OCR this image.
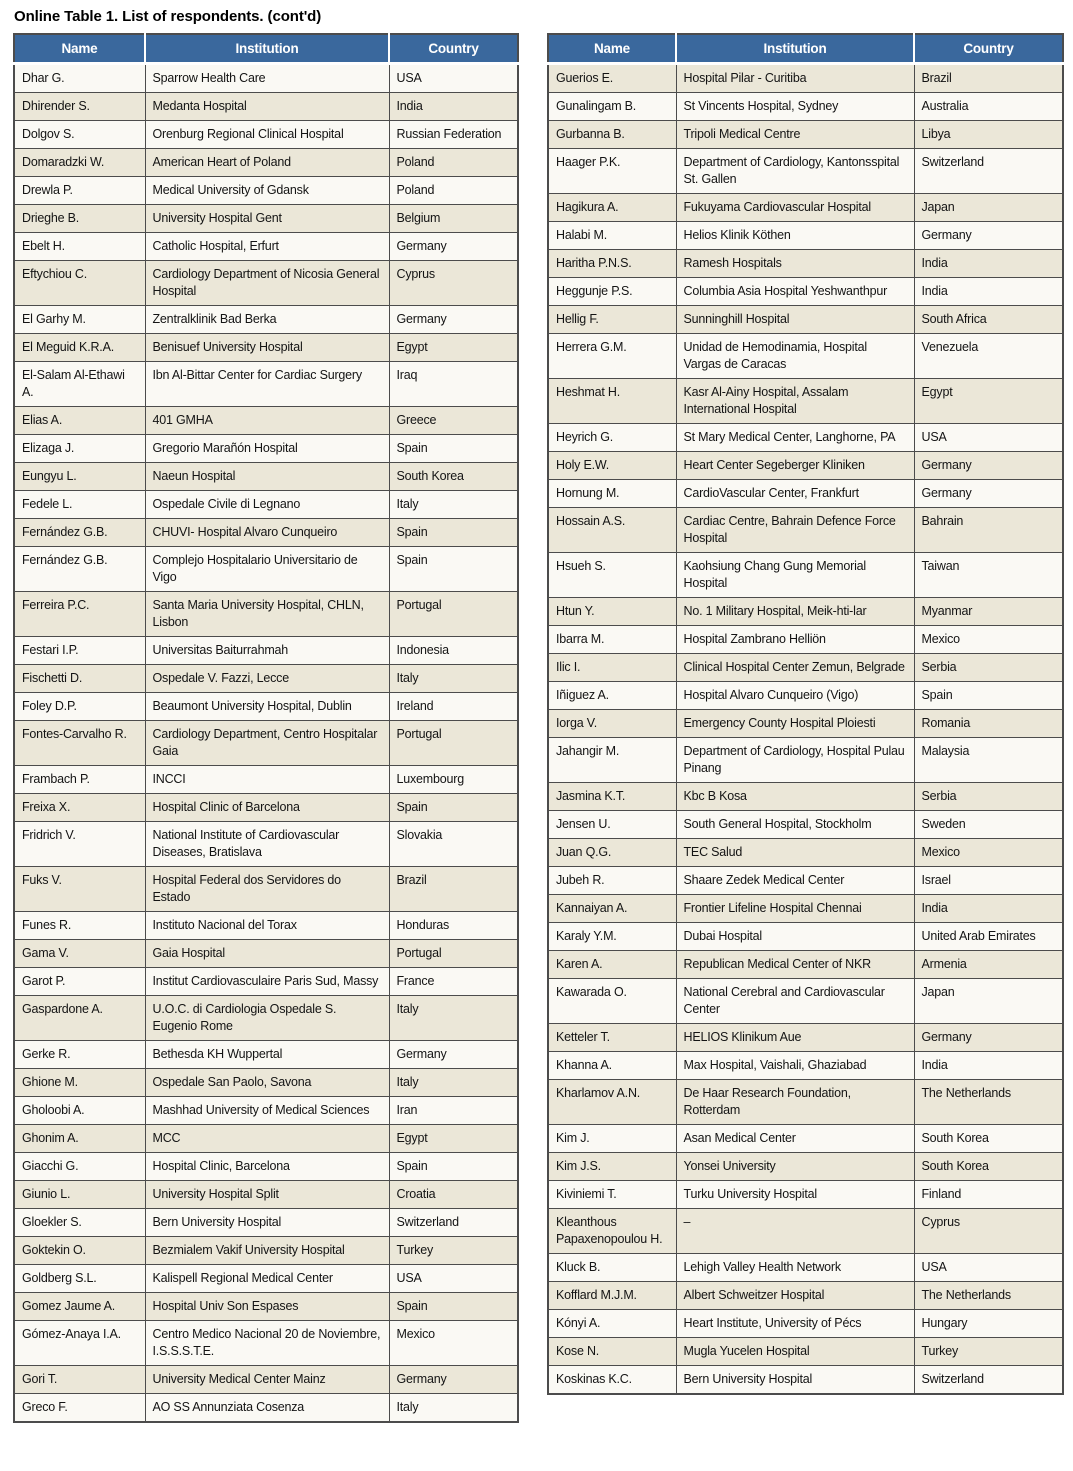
Online Table 1. List of respondents. (cont'd)
Name	Institution	Country
Dhar G.	Sparrow Health Care	USA
Dhirender S.	Medanta Hospital	India
Dolgov S.	Orenburg Regional Clinical Hospital	Russian Federation
Domaradzki W.	American Heart of Poland	Poland
Drewla P.	Medical University of Gdansk	Poland
Drieghe B.	University Hospital Gent	Belgium
Ebelt H.	Catholic Hospital, Erfurt	Germany
Eftychiou C.	Cardiology Department of Nicosia General Hospital	Cyprus
El Garhy M.	Zentralklinik Bad Berka	Germany
El Meguid K.R.A.	Benisuef University Hospital	Egypt
El-Salam Al-Ethawi A.	Ibn Al-Bittar Center for Cardiac Surgery	Iraq
Elias A.	401 GMHA	Greece
Elizaga J.	Gregorio Marañón Hospital	Spain
Eungyu L.	Naeun Hospital	South Korea
Fedele L.	Ospedale Civile di Legnano	Italy
Fernández G.B.	CHUVI- Hospital Alvaro Cunqueiro	Spain
Fernández G.B.	Complejo Hospitalario Universitario de Vigo	Spain
Ferreira P.C.	Santa Maria University Hospital, CHLN, Lisbon	Portugal
Festari I.P.	Universitas Baiturrahmah	Indonesia
Fischetti D.	Ospedale V. Fazzi, Lecce	Italy
Foley D.P.	Beaumont University Hospital, Dublin	Ireland
Fontes-Carvalho R.	Cardiology Department, Centro Hospitalar Gaia	Portugal
Frambach P.	INCCI	Luxembourg
Freixa X.	Hospital Clinic of Barcelona	Spain
Fridrich V.	National Institute of Cardiovascular Diseases, Bratislava	Slovakia
Fuks V.	Hospital Federal dos Servidores do Estado	Brazil
Funes R.	Instituto Nacional del Torax	Honduras
Gama V.	Gaia Hospital	Portugal
Garot P.	Institut Cardiovasculaire Paris Sud, Massy	France
Gaspardone A.	U.O.C. di Cardiologia Ospedale S. Eugenio Rome	Italy
Gerke R.	Bethesda KH Wuppertal	Germany
Ghione M.	Ospedale San Paolo, Savona	Italy
Gholoobi A.	Mashhad University of Medical Sciences	Iran
Ghonim A.	MCC	Egypt
Giacchi G.	Hospital Clinic, Barcelona	Spain
Giunio L.	University Hospital Split	Croatia
Gloekler S.	Bern University Hospital	Switzerland
Goktekin O.	Bezmialem Vakif University Hospital	Turkey
Goldberg S.L.	Kalispell Regional Medical Center	USA
Gomez Jaume A.	Hospital Univ Son Espases	Spain
Gómez-Anaya I.A.	Centro Medico Nacional 20 de Noviembre, I.S.S.S.T.E.	Mexico
Gori T.	University Medical Center Mainz	Germany
Greco F.	AO SS Annunziata Cosenza	Italy
Name	Institution	Country
Guerios E.	Hospital Pilar - Curitiba	Brazil
Gunalingam B.	St Vincents Hospital, Sydney	Australia
Gurbanna B.	Tripoli Medical Centre	Libya
Haager P.K.	Department of Cardiology, Kantonsspital St. Gallen	Switzerland
Hagikura A.	Fukuyama Cardiovascular Hospital	Japan
Halabi M.	Helios Klinik Köthen	Germany
Haritha P.N.S.	Ramesh Hospitals	India
Heggunje P.S.	Columbia Asia Hospital Yeshwanthpur	India
Hellig F.	Sunninghill Hospital	South Africa
Herrera G.M.	Unidad de Hemodinamia, Hospital Vargas de Caracas	Venezuela
Heshmat H.	Kasr Al-Ainy Hospital, Assalam International Hospital	Egypt
Heyrich G.	St Mary Medical Center, Langhorne, PA	USA
Holy E.W.	Heart Center Segeberger Kliniken	Germany
Hornung M.	CardioVascular Center, Frankfurt	Germany
Hossain A.S.	Cardiac Centre, Bahrain Defence Force Hospital	Bahrain
Hsueh S.	Kaohsiung Chang Gung Memorial Hospital	Taiwan
Htun Y.	No. 1 Military Hospital, Meik-hti-lar	Myanmar
Ibarra M.	Hospital Zambrano Helliön	Mexico
Ilic I.	Clinical Hospital Center Zemun, Belgrade	Serbia
Iñiguez A.	Hospital Alvaro Cunqueiro (Vigo)	Spain
Iorga V.	Emergency County Hospital Ploiesti	Romania
Jahangir M.	Department of Cardiology, Hospital Pulau Pinang	Malaysia
Jasmina K.T.	Kbc B Kosa	Serbia
Jensen U.	South General Hospital, Stockholm	Sweden
Juan Q.G.	TEC Salud	Mexico
Jubeh R.	Shaare Zedek Medical Center	Israel
Kannaiyan A.	Frontier Lifeline Hospital Chennai	India
Karaly Y.M.	Dubai Hospital	United Arab Emirates
Karen A.	Republican Medical Center of NKR	Armenia
Kawarada O.	National Cerebral and Cardiovascular Center	Japan
Ketteler T.	HELIOS Klinikum Aue	Germany
Khanna A.	Max Hospital, Vaishali, Ghaziabad	India
Kharlamov A.N.	De Haar Research Foundation, Rotterdam	The Netherlands
Kim J.	Asan Medical Center	South Korea
Kim J.S.	Yonsei University	South Korea
Kiviniemi T.	Turku University Hospital	Finland
Kleanthous Papaxenopoulou H.	–	Cyprus
Kluck B.	Lehigh Valley Health Network	USA
Kofflard M.J.M.	Albert Schweitzer Hospital	The Netherlands
Kónyi A.	Heart Institute, University of Pécs	Hungary
Kose N.	Mugla Yucelen Hospital	Turkey
Koskinas K.C.	Bern University Hospital	Switzerland
